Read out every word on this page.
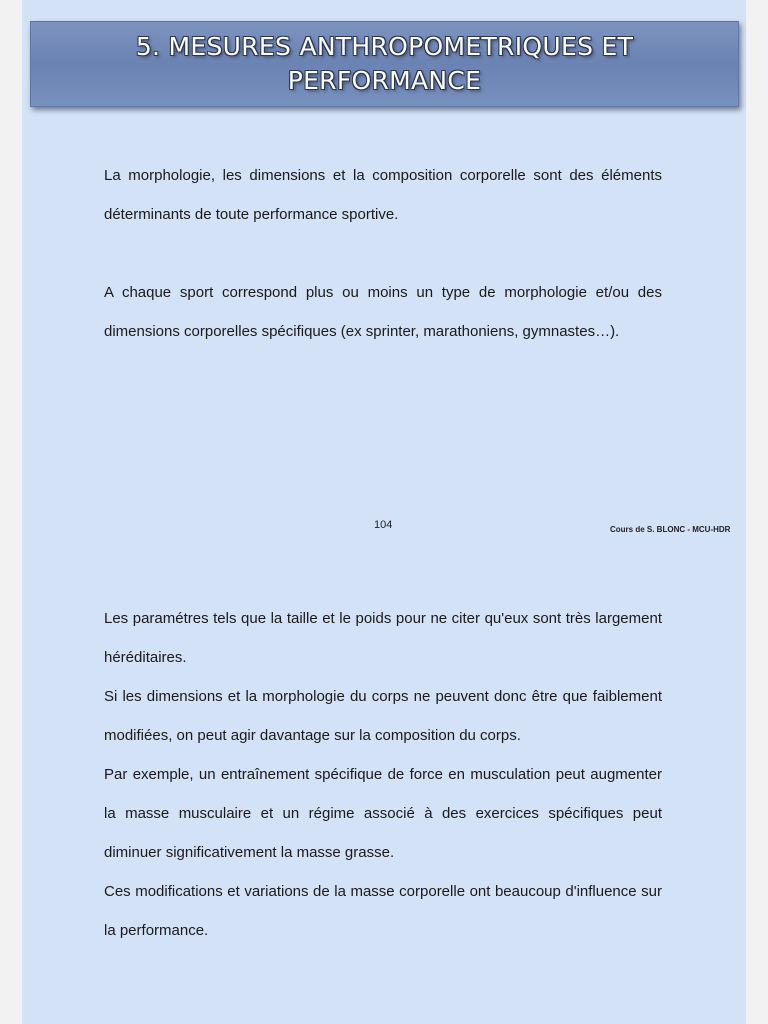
5. MESURES ANTHROPOMETRIQUES ET
PERFORMANCE

La morphologie, les dimensions et la composition corporelle sont des éléments déterminants de toute performance sportive.

A chaque sport correspond plus ou moins un type de morphologie et/ou des dimensions corporelles spécifiques (ex sprinter, marathoniens, gymnastes…).

104	Cours de S. BLONC - MCU-HDR

Les paramétres tels que la taille et le poids pour ne citer qu'eux sont très largement héréditaires.

Si les dimensions et la morphologie du corps ne peuvent donc être que faiblement modifiées, on peut agir davantage sur la composition du corps.

Par exemple, un entraînement spécifique de force en musculation peut augmenter la masse musculaire et un régime associé à des exercices spécifiques peut diminuer significativement la masse grasse.

Ces modifications et variations de la masse corporelle ont beaucoup d'influence sur la performance.
